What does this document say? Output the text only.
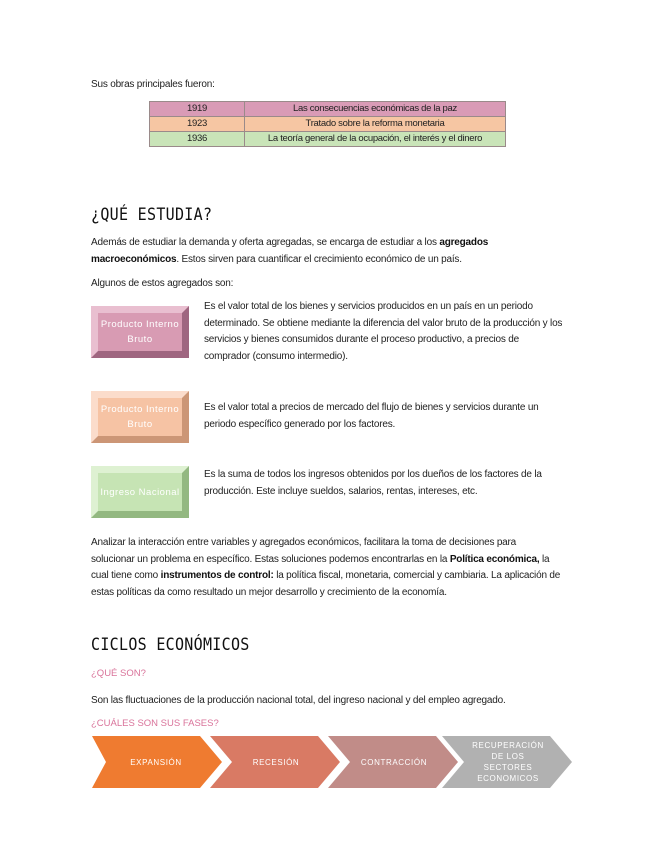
Sus obras principales fueron:
1919	Las consecuencias económicas de la paz
1923	Tratado sobre la reforma monetaria
1936	La teoría general de la ocupación, el interés y el dinero
¿QUÉ ESTUDIA?
Además de estudiar la demanda y oferta agregadas, se encarga de estudiar a los agregados macroeconómicos. Estos sirven para cuantificar el crecimiento económico de un país.
Algunos de estos agregados son:
Producto Interno Bruto
Es el valor total de los bienes y servicios producidos en un país en un periodo determinado. Se obtiene mediante la diferencia del valor bruto de la producción y los servicios y bienes consumidos durante el proceso productivo, a precios de comprador (consumo intermedio).
Producto Interno Bruto
Es el valor total a precios de mercado del flujo de bienes y servicios durante un periodo específico generado por los factores.
Ingreso Nacional
Es la suma de todos los ingresos obtenidos por los dueños de los factores de la producción. Este incluye sueldos, salarios, rentas, intereses, etc.
Analizar la interacción entre variables y agregados económicos, facilitara la toma de decisiones para solucionar un problema en específico. Estas soluciones podemos encontrarlas en la Política económica, la cual tiene como instrumentos de control: la política fiscal, monetaria, comercial y cambiaria. La aplicación de estas políticas da como resultado un mejor desarrollo y crecimiento de la economía.
CICLOS ECONÓMICOS
¿QUÉ SON?
Son las fluctuaciones de la producción nacional total, del ingreso nacional y del empleo agregado.
¿CUÁLES SON SUS FASES?
EXPANSIÓN	RECESIÓN	CONTRACCIÓN
RECUPERACIÓN DE LOS SECTORES ECONOMICOS
